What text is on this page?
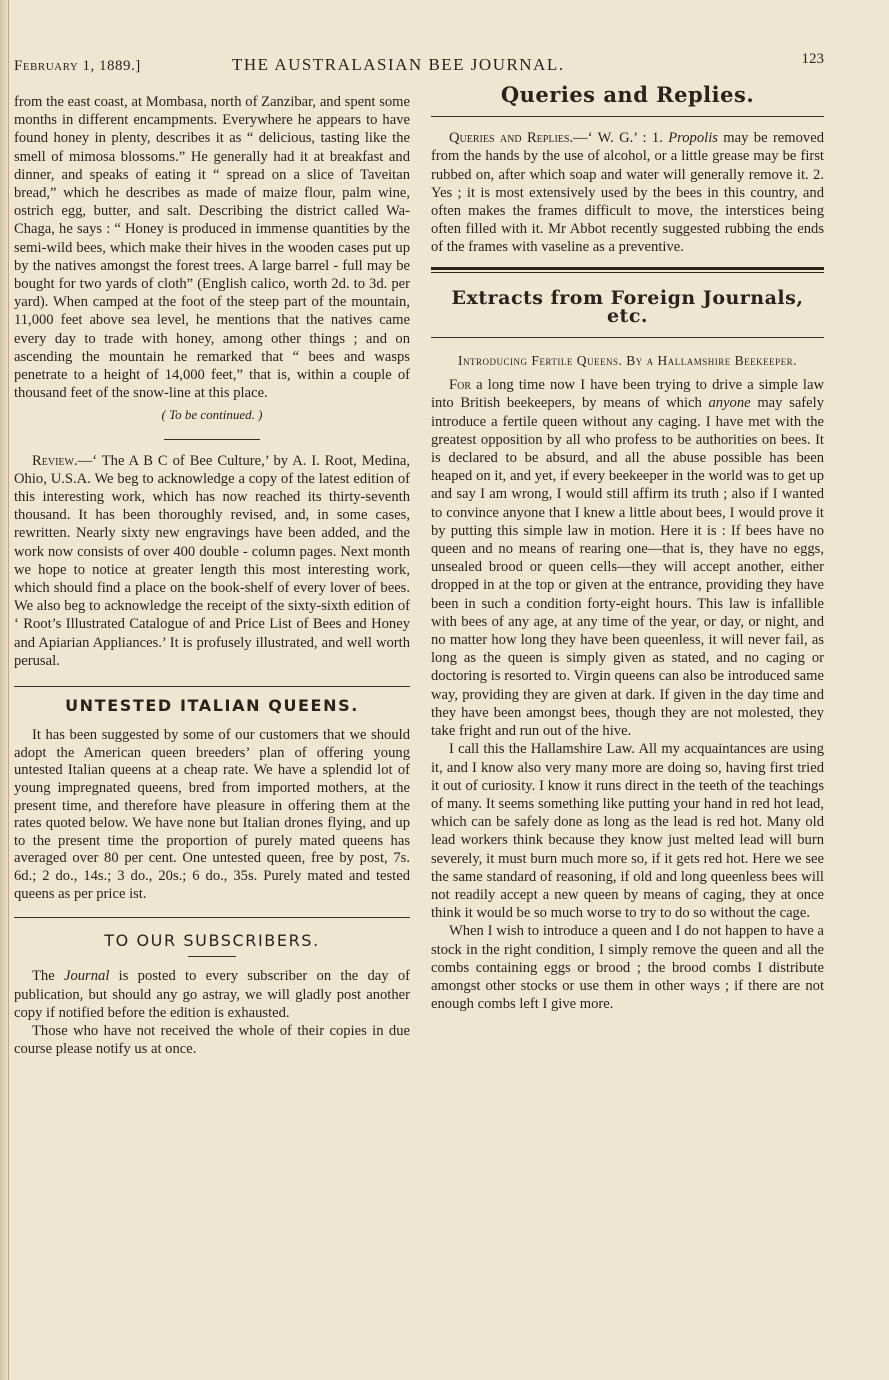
February 1, 1889.]	THE AUSTRALASIAN BEE JOURNAL.	123

from the east coast, at Mombasa, north of Zanzibar, and spent some months in different encampments. Everywhere he appears to have found honey in plenty, describes it as “ delicious, tasting like the smell of mimosa blossoms.” He generally had it at breakfast and dinner, and speaks of eating it “ spread on a slice of Taveitan bread,” which he describes as made of maize flour, palm wine, ostrich egg, butter, and salt. Describing the district called Wa-Chaga, he says : “ Honey is produced in immense quantities by the semi-wild bees, which make their hives in the wooden cases put up by the natives amongst the forest trees. A large barrel - full may be bought for two yards of cloth” (English calico, worth 2d. to 3d. per yard). When camped at the foot of the steep part of the mountain, 11,000 feet above sea level, he mentions that the natives came every day to trade with honey, among other things ; and on ascending the mountain he remarked that “ bees and wasps penetrate to a height of 14,000 feet,” that is, within a couple of thousand feet of the snow-line at this place.

( To be continued. )

Review.—‘ The A B C of Bee Culture,’ by A. I. Root, Medina, Ohio, U.S.A. We beg to acknowledge a copy of the latest edition of this interesting work, which has now reached its thirty-seventh thousand. It has been thoroughly revised, and, in some cases, rewritten. Nearly sixty new engravings have been added, and the work now consists of over 400 double - column pages. Next month we hope to notice at greater length this most interesting work, which should find a place on the book-shelf of every lover of bees. We also beg to acknowledge the receipt of the sixty-sixth edition of ‘ Root’s Illustrated Catalogue of and Price List of Bees and Honey and Apiarian Appliances.’ It is profusely illustrated, and well worth perusal.

UNTESTED ITALIAN QUEENS.

It has been suggested by some of our customers that we should adopt the American queen breeders’ plan of offering young untested Italian queens at a cheap rate. We have a splendid lot of young impregnated queens, bred from imported mothers, at the present time, and therefore have pleasure in offering them at the rates quoted below. We have none but Italian drones flying, and up to the present time the proportion of purely mated queens has averaged over 80 per cent. One untested queen, free by post, 7s. 6d.; 2 do., 14s.; 3 do., 20s.; 6 do., 35s. Purely mated and tested queens as per price ist.

TO OUR SUBSCRIBERS.

The Journal is posted to every subscriber on the day of publication, but should any go astray, we will gladly post another copy if notified before the edition is exhausted.

Those who have not received the whole of their copies in due course please notify us at once.

Queries and Replies.

Queries and Replies.—‘ W. G.’ : 1. Propolis may be removed from the hands by the use of alcohol, or a little grease may be first rubbed on, after which soap and water will generally remove it. 2. Yes ; it is most extensively used by the bees in this country, and often makes the frames difficult to move, the interstices being often filled with it. Mr Abbot recently suggested rubbing the ends of the frames with vaseline as a preventive.

Extracts from Foreign Journals, etc.

Introducing Fertile Queens. By a Hallamshire Beekeeper.

For a long time now I have been trying to drive a simple law into British beekeepers, by means of which anyone may safely introduce a fertile queen without any caging. I have met with the greatest opposition by all who profess to be authorities on bees. It is declared to be absurd, and all the abuse possible has been heaped on it, and yet, if every beekeeper in the world was to get up and say I am wrong, I would still affirm its truth ; also if I wanted to convince anyone that I knew a little about bees, I would prove it by putting this simple law in motion. Here it is : If bees have no queen and no means of rearing one—that is, they have no eggs, unsealed brood or queen cells—they will accept another, either dropped in at the top or given at the entrance, providing they have been in such a condition forty-eight hours. This law is infallible with bees of any age, at any time of the year, or day, or night, and no matter how long they have been queenless, it will never fail, as long as the queen is simply given as stated, and no caging or doctoring is resorted to. Virgin queens can also be introduced same way, providing they are given at dark. If given in the day time and they have been amongst bees, though they are not molested, they take fright and run out of the hive.

I call this the Hallamshire Law. All my acquaintances are using it, and I know also very many more are doing so, having first tried it out of curiosity. I know it runs direct in the teeth of the teachings of many. It seems something like putting your hand in red hot lead, which can be safely done as long as the lead is red hot. Many old lead workers think because they know just melted lead will burn severely, it must burn much more so, if it gets red hot. Here we see the same standard of reasoning, if old and long queenless bees will not readily accept a new queen by means of caging, they at once think it would be so much worse to try to do so without the cage.

When I wish to introduce a queen and I do not happen to have a stock in the right condition, I simply remove the queen and all the combs containing eggs or brood ; the brood combs I distribute amongst other stocks or use them in other ways ; if there are not enough combs left I give more.
